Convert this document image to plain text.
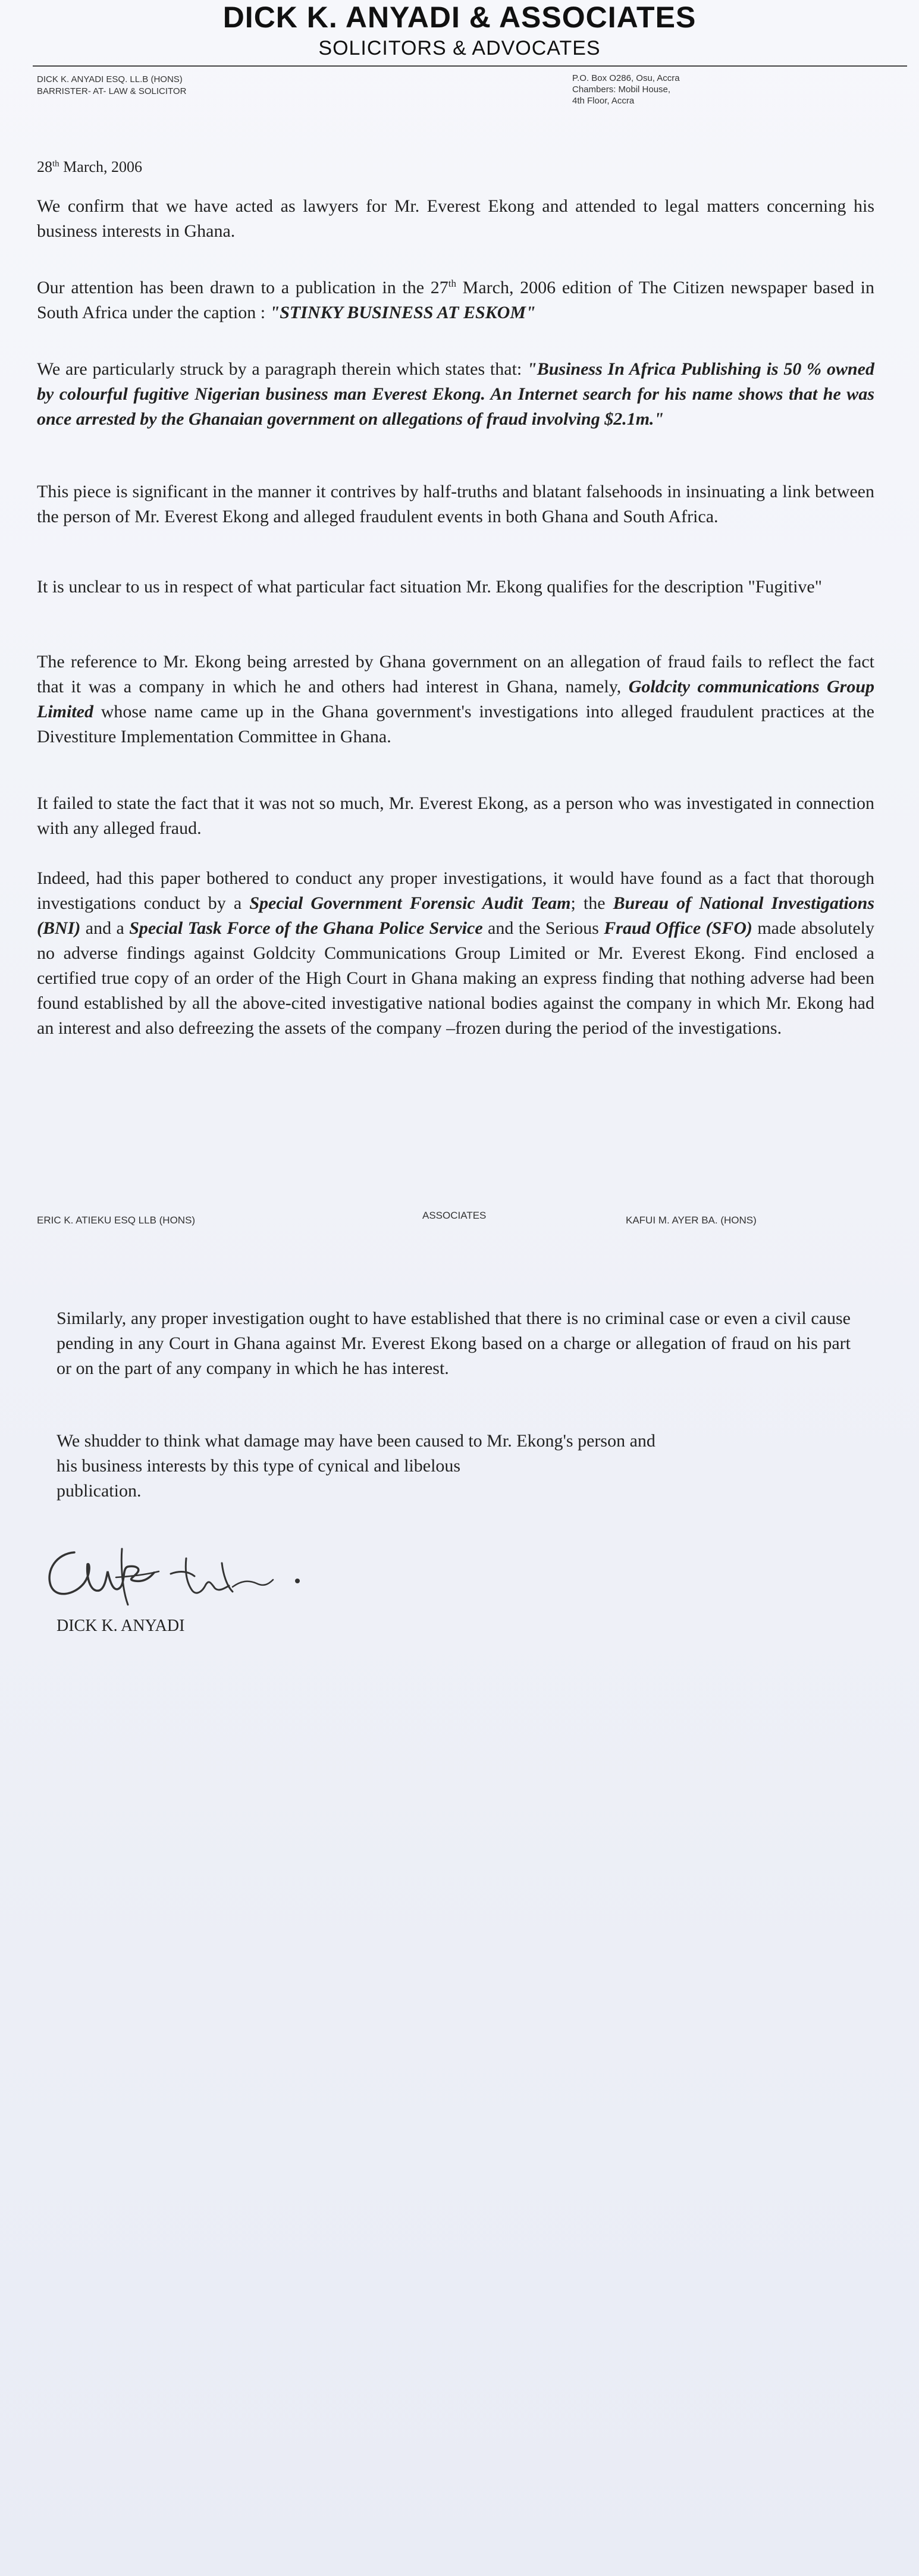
DICK K. ANYADI & ASSOCIATES
SOLICITORS & ADVOCATES
DICK K. ANYADI ESQ. LL.B (HONS)
BARRISTER- AT- LAW & SOLICITOR
P.O. Box O286, Osu, Accra
Chambers: Mobil House,
4th Floor, Accra
28th March, 2006

We confirm that we have acted as lawyers for Mr. Everest Ekong and attended to legal matters concerning his business interests in Ghana.

Our attention has been drawn to a publication in the 27th March, 2006 edition of The Citizen newspaper based in South Africa under the caption : "STINKY BUSINESS AT ESKOM"

We are particularly struck by a paragraph therein which states that: "Business In Africa Publishing is 50 % owned by colourful fugitive Nigerian business man Everest Ekong. An Internet search for his name shows that he was once arrested by the Ghanaian government on allegations of fraud involving $2.1m."

This piece is significant in the manner it contrives by half-truths and blatant falsehoods in insinuating a link between the person of Mr. Everest Ekong and alleged fraudulent events in both Ghana and South Africa.

It is unclear to us in respect of what particular fact situation Mr. Ekong qualifies for the description "Fugitive"

The reference to Mr. Ekong being arrested by Ghana government on an allegation of fraud fails to reflect the fact that it was a company in which he and others had interest in Ghana, namely, Goldcity communications Group Limited whose name came up in the Ghana government's investigations into alleged fraudulent practices at the Divestiture Implementation Committee in Ghana.

It failed to state the fact that it was not so much, Mr. Everest Ekong, as a person who was investigated in connection with any alleged fraud.

Indeed, had this paper bothered to conduct any proper investigations, it would have found as a fact that thorough investigations conduct by a Special Government Forensic Audit Team; the Bureau of National Investigations (BNI) and a Special Task Force of the Ghana Police Service and the Serious Fraud Office (SFO) made absolutely no adverse findings against Goldcity Communications Group Limited or Mr. Everest Ekong. Find enclosed a certified true copy of an order of the High Court in Ghana making an express finding that nothing adverse had been found established by all the above-cited investigative national bodies against the company in which Mr. Ekong had an interest and also defreezing the assets of the company –frozen during the period of the investigations.

ERIC K. ATIEKU ESQ LLB (HONS)	ASSOCIATES	KAFUI M. AYER BA. (HONS)

Similarly, any proper investigation ought to have established that there is no criminal case or even a civil cause pending in any Court in Ghana against Mr. Everest Ekong based on a charge or allegation of fraud on his part or on the part of any company in which he has interest.

We shudder to think what damage may have been caused to Mr. Ekong's person and

his business interests by this type of cynical and libelous

publication.

DICK K. ANYADI
